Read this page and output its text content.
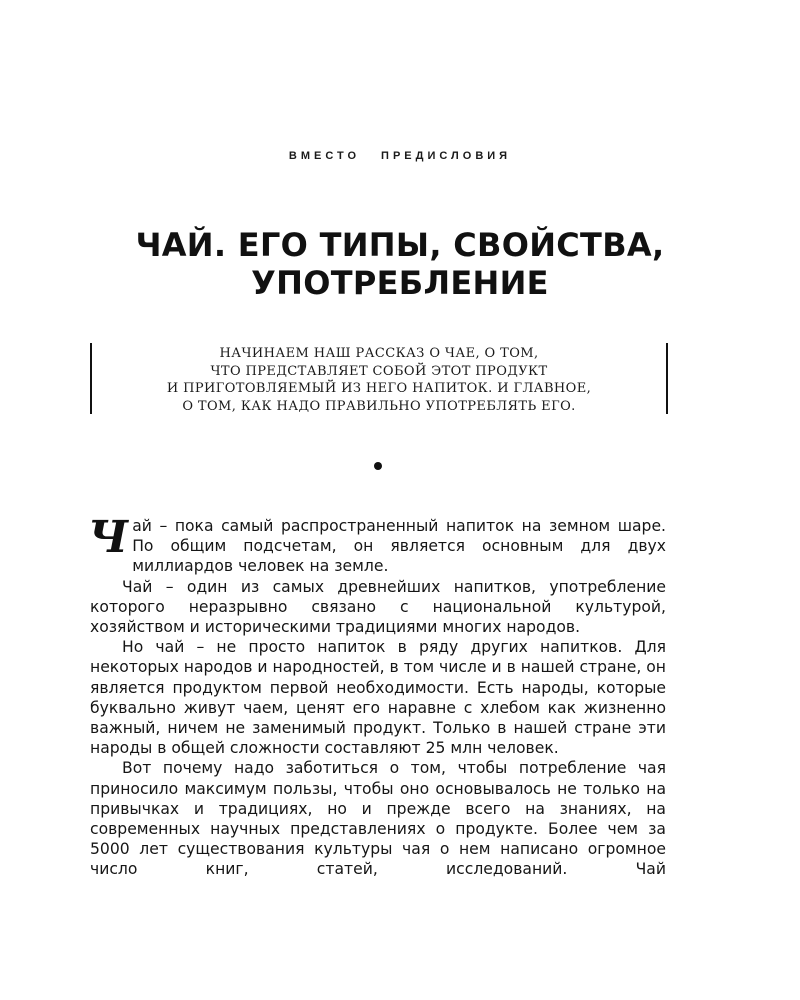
ВМЕСТО ПРЕДИСЛОВИЯ
ЧАЙ. ЕГО ТИПЫ, СВОЙСТВА,
УПОТРЕБЛЕНИЕ
НАЧИНАЕМ НАШ РАССКАЗ О ЧАЕ, О ТОМ,
ЧТО ПРЕДСТАВЛЯЕТ СОБОЙ ЭТОТ ПРОДУКТ
И ПРИГОТОВЛЯЕМЫЙ ИЗ НЕГО НАПИТОК. И ГЛАВНОЕ,
О ТОМ, КАК НАДО ПРАВИЛЬНО УПОТРЕБЛЯТЬ ЕГО.

Чай – пока самый распространенный напиток на земном шаре. По общим подсчетам, он является основным для двух миллиардов человек на земле.

Чай – один из самых древнейших напитков, употребление которого неразрывно связано с национальной культурой, хозяйством и историческими традициями многих народов.

Но чай – не просто напиток в ряду других напитков. Для некоторых народов и народностей, в том числе и в нашей стране, он является продуктом первой необходимости. Есть народы, которые буквально живут чаем, ценят его наравне с хлебом как жизненно важный, ничем не заменимый продукт. Только в нашей стране эти народы в общей сложности составляют 25 млн человек.

Вот почему надо заботиться о том, чтобы потребление чая приносило максимум пользы, чтобы оно основывалось не только на привычках и традициях, но и прежде всего на знаниях, на современных научных представлениях о продукте. Более чем за 5000 лет существования культуры чая о нем написано огромное число книг, статей, исследований. Чай
